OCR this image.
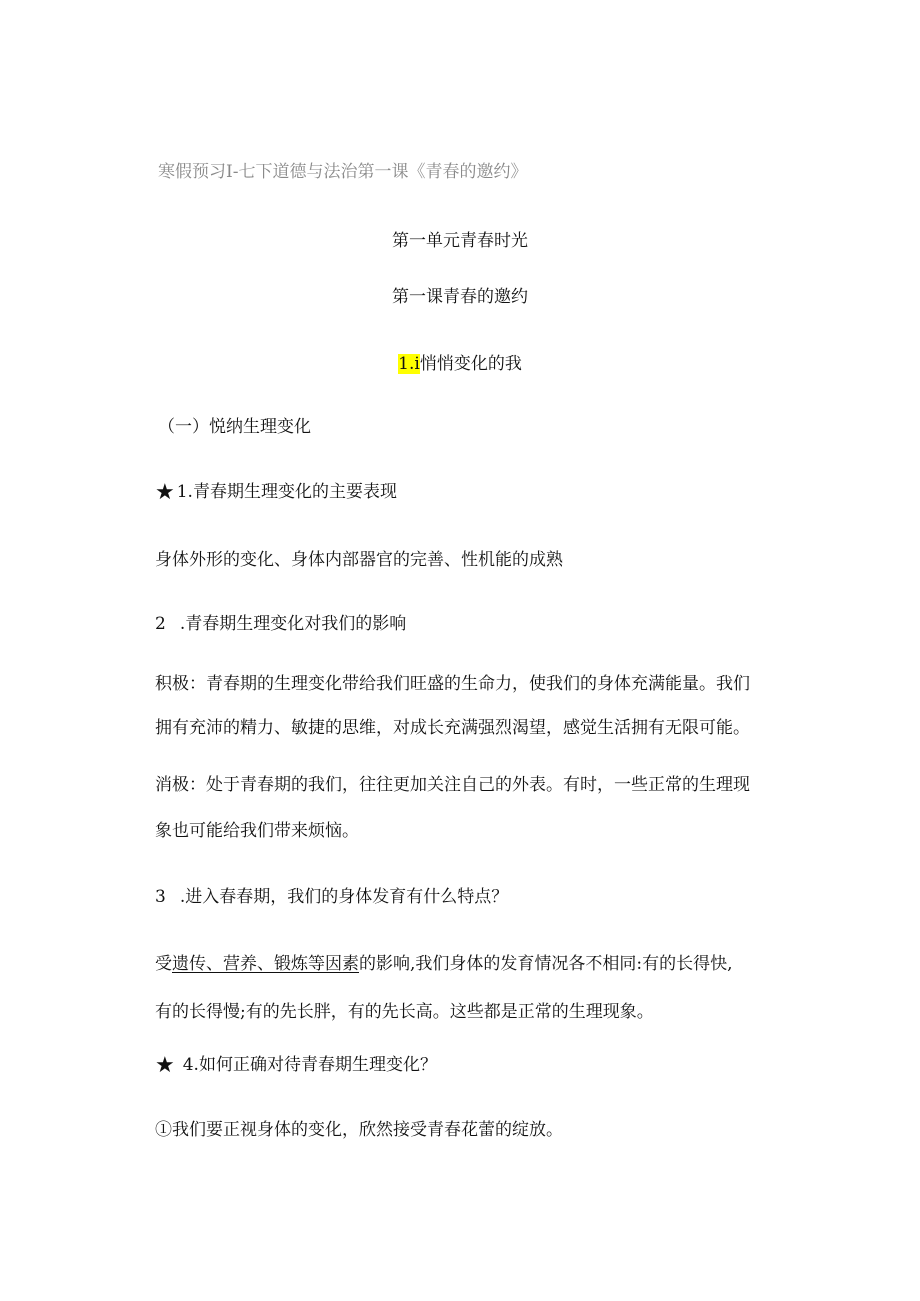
寒假预习I-七下道德与法治第一课《青春的邀约》
第一单元青春时光
第一课青春的邀约
1.i悄悄变化的我
（一）悦纳生理变化
★ 1.青春期生理变化的主要表现
身体外形的变化、身体内部器官的完善、性机能的成熟
2 .青春期生理变化对我们的影响
积极：青春期的生理变化带给我们旺盛的生命力，使我们的身体充满能量。我们
拥有充沛的精力、敏捷的思维，对成长充满强烈渴望，感觉生活拥有无限可能。
消极：处于青春期的我们，往往更加关注自己的外表。有时，一些正常的生理现
象也可能给我们带来烦恼。
3 .进入春春期，我们的身体发育有什么特点？
受遗传、营养、锻炼等因素的影响,我们身体的发育情况各不相同:有的长得快,
有的长得慢;有的先长胖，有的先长高。这些都是正常的生理现象。
★ 4.如何正确对待青春期生理变化？
①我们要正视身体的变化，欣然接受青春花蕾的绽放。
